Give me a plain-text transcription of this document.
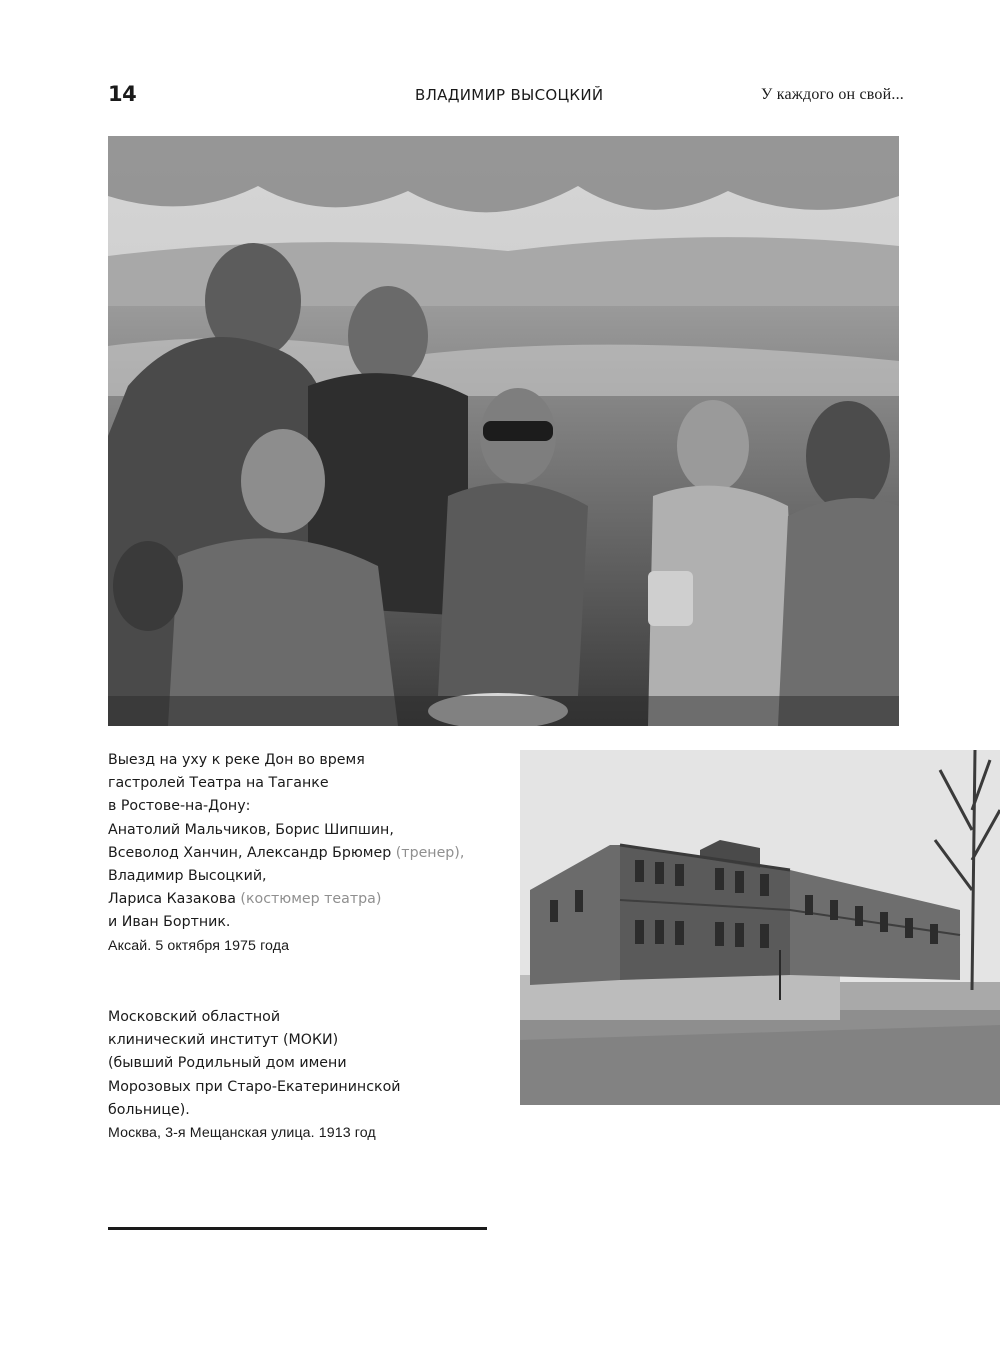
14	ВЛАДИМИР ВЫСОЦКИЙ	У каждого он свой...
Выезд на уху к реке Дон во время
гастролей Театра на Таганке
в Ростове-на-Дону:
Анатолий Мальчиков, Борис Шипшин,
Всеволод Ханчин, Александр Брюмер (тренер),
Владимир Высоцкий,
Лариса Казакова (костюмер театра)
и Иван Бортник.
Аксай. 5 октября 1975 года
Московский областной
клинический институт (МОКИ)
(бывший Родильный дом имени
Морозовых при Старо-Екатерининской
больнице).
Москва, 3-я Мещанская улица. 1913 год
